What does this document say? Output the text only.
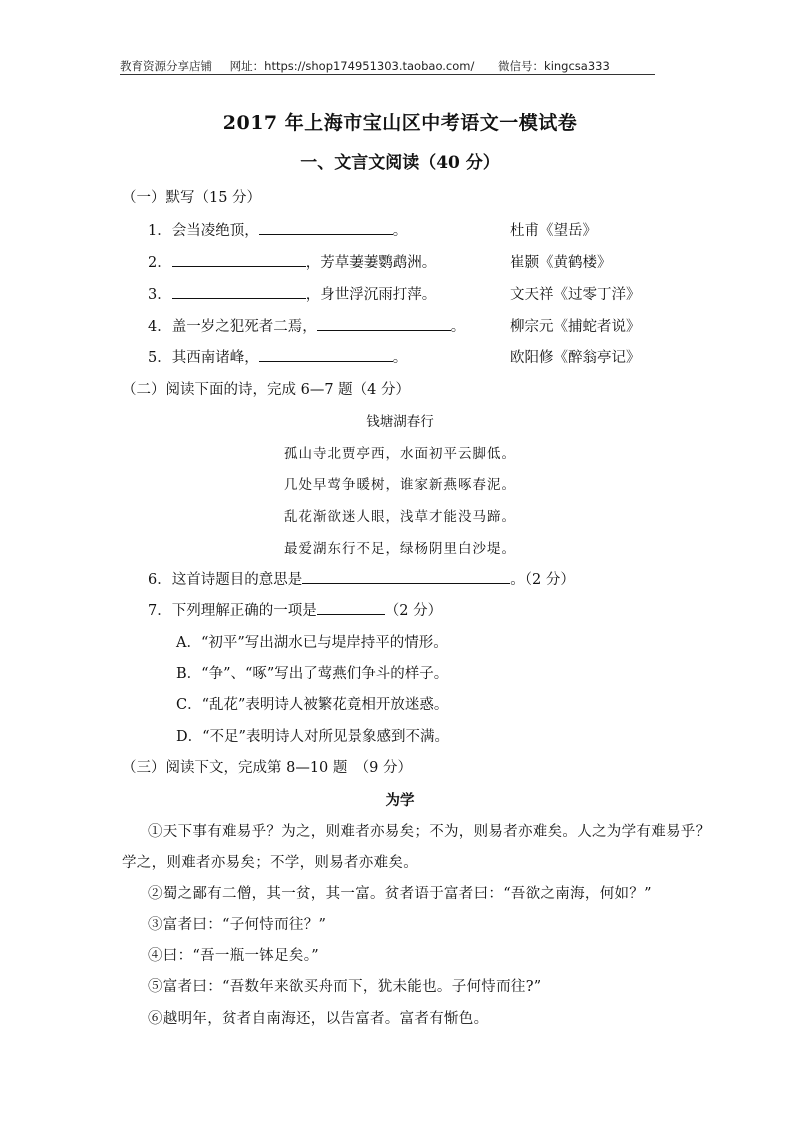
教育资源分享店铺 网址：https://shop174951303.taobao.com/ 微信号：kingcsa333
2017 年上海市宝山区中考语文一模试卷
一、文言文阅读（40 分）
（一）默写（15 分）
1．会当凌绝顶，	。	杜甫《望岳》
2．	，芳草萋萋鹦鹉洲。	崔颢《黄鹤楼》
3．	，身世浮沉雨打萍。	文天祥《过零丁洋》
4．盖一岁之犯死者二焉，	。	柳宗元《捕蛇者说》
5．其西南诸峰，	。	欧阳修《醉翁亭记》
（二）阅读下面的诗，完成 6—7 题（4 分）
钱塘湖春行
孤山寺北贾亭西，水面初平云脚低。
几处早莺争暖树，谁家新燕啄春泥。
乱花渐欲迷人眼，浅草才能没马蹄。
最爱湖东行不足，绿杨阴里白沙堤。
6．这首诗题目的意思是	。（2 分）
7．下列理解正确的一项是	（2 分）
A．“初平”写出湖水已与堤岸持平的情形。
B．“争”、“啄”写出了莺燕们争斗的样子。
C．“乱花”表明诗人被繁花竟相开放迷惑。
D．“不足”表明诗人对所见景象感到不满。
（三）阅读下文，完成第 8—10 题　（9 分）
为学
①天下事有难易乎？为之，则难者亦易矣；不为，则易者亦难矣。人之为学有难易乎？
学之，则难者亦易矣；不学，则易者亦难矣。
②蜀之鄙有二僧，其一贫，其一富。贫者语于富者曰：“吾欲之南海，何如？”
③富者曰：“子何恃而往？”
④曰：“吾一瓶一钵足矣。”
⑤富者曰：“吾数年来欲买舟而下，犹未能也。子何恃而往?”
⑥越明年，贫者自南海还，以告富者。富者有惭色。
